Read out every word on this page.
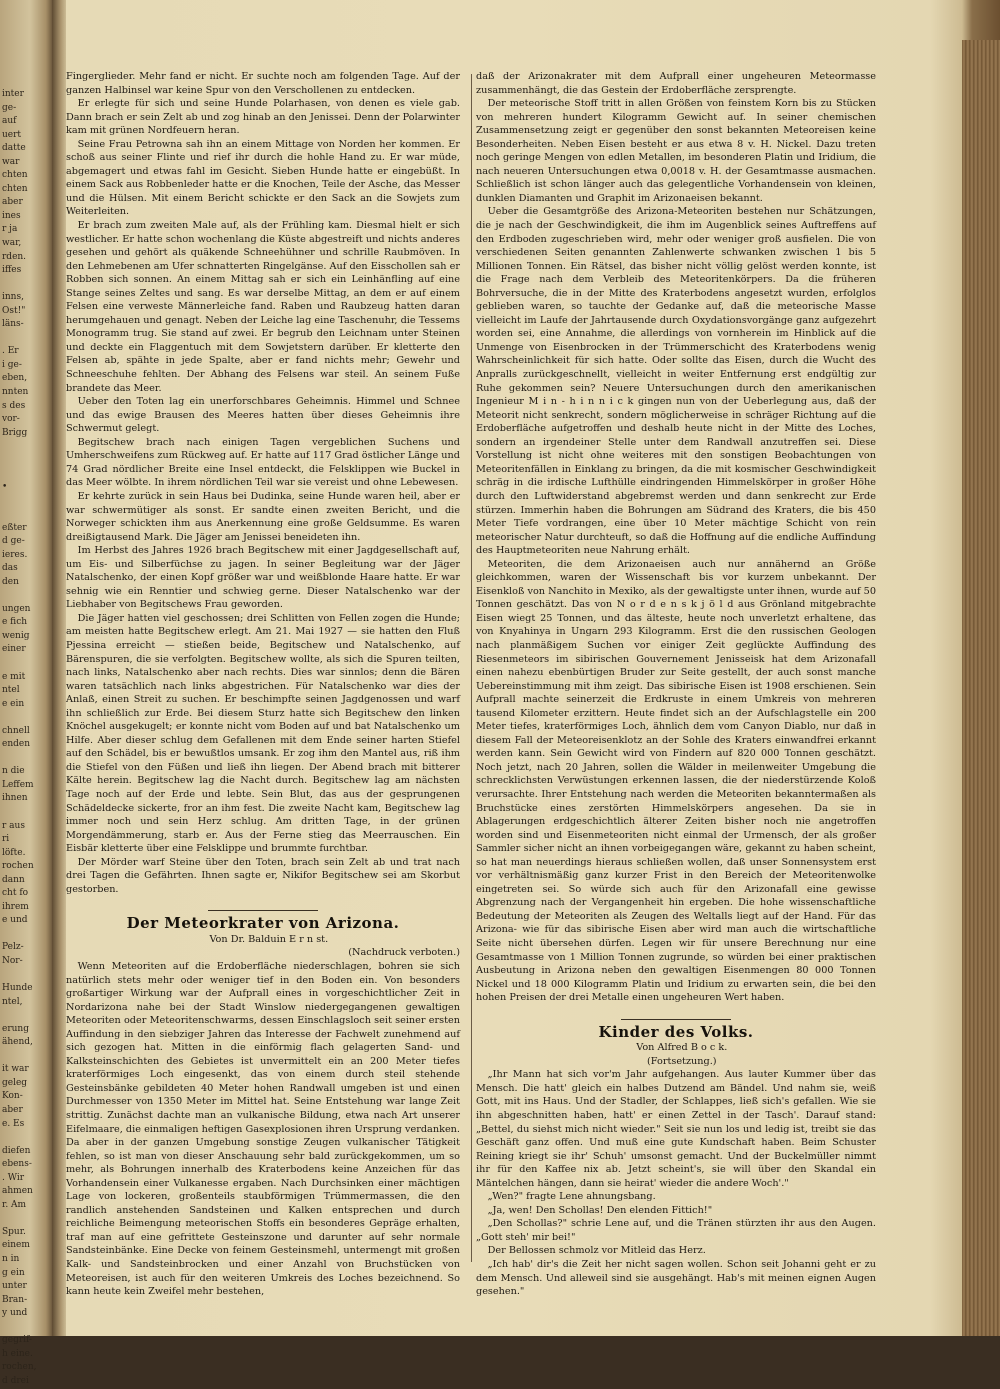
inter
ge-
auf
uert
datte
war
chten
chten
aber
ines
r ja
war,
rden.
iffes

inns,
Ost!"
läns-

. Er
i ge-
eben,
nnten
s des
vor-
Brigg

•

eßter
d ge-
ieres.
das
den

ungen
e fich
wenig
einer

e mit
ntel
e ein

chnell
enden

n die
Leffem
ihnen

r aus
ri
löfte.
rochen
dann
cht fo
ihrem
e und

Pelz-
Nor-

Hunde
ntel,

erung
ähend,

it war
geleg
Kon-
aber
e. Es

diefen
ebens-
. Wir
ahmen
r. Am

Spur.
einem
n in
g ein
unter
Bran-
y und

gegrif-
h eine.
rochen,
d drei

Fingerglieder. Mehr fand er nicht. Er suchte noch am folgenden Tage. Auf der ganzen Halbinsel war keine Spur von den Verschollenen zu entdecken.

Er erlegte für sich und seine Hunde Polarhasen, von denen es viele gab. Dann brach er sein Zelt ab und zog hinab an den Jenissei. Denn der Polarwinter kam mit grünen Nordfeuern heran.

Seine Frau Petrowna sah ihn an einem Mittage von Norden her kommen. Er schoß aus seiner Flinte und rief ihr durch die hohle Hand zu. Er war müde, abgemagert und etwas fahl im Gesicht. Sieben Hunde hatte er eingebüßt. In einem Sack aus Robbenleder hatte er die Knochen, Teile der Asche, das Messer und die Hülsen. Mit einem Bericht schickte er den Sack an die Sowjets zum Weiterleiten.

Er brach zum zweiten Male auf, als der Frühling kam. Diesmal hielt er sich westlicher. Er hatte schon wochenlang die Küste abgestreift und nichts anderes gesehen und gehört als quäkende Schneehühner und schrille Raubmöven. In den Lehmebenen am Ufer schnatterten Ringelgänse. Auf den Eisschollen sah er Robben sich sonnen. An einem Mittag sah er sich ein Leinhänfling auf eine Stange seines Zeltes und sang. Es war derselbe Mittag, an dem er auf einem Felsen eine verweste Männerleiche fand. Raben und Raubzeug hatten daran herumgehauen und genagt. Neben der Leiche lag eine Taschenuhr, die Tessems Monogramm trug. Sie stand auf zwei. Er begrub den Leichnam unter Steinen und deckte ein Flaggentuch mit dem Sowjetstern darüber. Er kletterte den Felsen ab, spähte in jede Spalte, aber er fand nichts mehr; Gewehr und Schneeschuhe fehlten. Der Abhang des Felsens war steil. An seinem Fuße brandete das Meer.

Ueber den Toten lag ein unerforschbares Geheimnis. Himmel und Schnee und das ewige Brausen des Meeres hatten über dieses Geheimnis ihre Schwermut gelegt.

Begitschew brach nach einigen Tagen vergeblichen Suchens und Umherschweifens zum Rückweg auf. Er hatte auf 117 Grad östlicher Länge und 74 Grad nördlicher Breite eine Insel entdeckt, die Felsklippen wie Buckel in das Meer wölbte. In ihrem nördlichen Teil war sie vereist und ohne Lebewesen.

Er kehrte zurück in sein Haus bei Dudinka, seine Hunde waren heil, aber er war schwermütiger als sonst. Er sandte einen zweiten Bericht, und die Norweger schickten ihm aus Anerkennung eine große Geldsumme. Es waren dreißigtausend Mark. Die Jäger am Jenissei beneideten ihn.

Im Herbst des Jahres 1926 brach Begitschew mit einer Jagdgesellschaft auf, um Eis- und Silberfüchse zu jagen. In seiner Begleitung war der Jäger Natalschenko, der einen Kopf größer war und weißblonde Haare hatte. Er war sehnig wie ein Renntier und schwieg gerne. Dieser Natalschenko war der Liebhaber von Begitschews Frau geworden.

Die Jäger hatten viel geschossen; drei Schlitten von Fellen zogen die Hunde; am meisten hatte Begitschew erlegt. Am 21. Mai 1927 — sie hatten den Fluß Pjessina erreicht — stießen beide, Begitschew und Natalschenko, auf Bärenspuren, die sie verfolgten. Begitschew wollte, als sich die Spuren teilten, nach links, Natalschenko aber nach rechts. Dies war sinnlos; denn die Bären waren tatsächlich nach links abgestrichen. Für Natalschenko war dies der Anlaß, einen Streit zu suchen. Er beschimpfte seinen Jagdgenossen und warf ihn schließlich zur Erde. Bei diesem Sturz hatte sich Begitschew den linken Knöchel ausgekugelt; er konnte nicht vom Boden auf und bat Natalschenko um Hilfe. Aber dieser schlug dem Gefallenen mit dem Ende seiner harten Stiefel auf den Schädel, bis er bewußtlos umsank. Er zog ihm den Mantel aus, riß ihm die Stiefel von den Füßen und ließ ihn liegen. Der Abend brach mit bitterer Kälte herein. Begitschew lag die Nacht durch. Begitschew lag am nächsten Tage noch auf der Erde und lebte. Sein Blut, das aus der gesprungenen Schädeldecke sickerte, fror an ihm fest. Die zweite Nacht kam, Begitschew lag immer noch und sein Herz schlug. Am dritten Tage, in der grünen Morgendämmerung, starb er. Aus der Ferne stieg das Meerrauschen. Ein Eisbär kletterte über eine Felsklippe und brummte furchtbar.

Der Mörder warf Steine über den Toten, brach sein Zelt ab und trat nach drei Tagen die Gefährten. Ihnen sagte er, Nikifor Begitschew sei am Skorbut gestorben.

Der Meteorkrater von Arizona.

Von Dr. Balduin E r n st.

(Nachdruck verboten.)

Wenn Meteoriten auf die Erdoberfläche niederschlagen, bohren sie sich natürlich stets mehr oder weniger tief in den Boden ein. Von besonders großartiger Wirkung war der Aufprall eines in vorgeschichtlicher Zeit in Nordarizona nahe bei der Stadt Winslow niedergegangenen gewaltigen Meteoriten oder Meteoritenschwarms, dessen Einschlagsloch seit seiner ersten Auffindung in den siebziger Jahren das Interesse der Fachwelt zunehmend auf sich gezogen hat. Mitten in die einförmig flach gelagerten Sand- und Kalksteinschichten des Gebietes ist unvermittelt ein an 200 Meter tiefes kraterförmiges Loch eingesenkt, das von einem durch steil stehende Gesteinsbänke gebildeten 40 Meter hohen Randwall umgeben ist und einen Durchmesser von 1350 Meter im Mittel hat. Seine Entstehung war lange Zeit strittig. Zunächst dachte man an vulkanische Bildung, etwa nach Art unserer Eifelmaare, die einmaligen heftigen Gasexplosionen ihren Ursprung verdanken. Da aber in der ganzen Umgebung sonstige Zeugen vulkanischer Tätigkeit fehlen, so ist man von dieser Anschauung sehr bald zurückgekommen, um so mehr, als Bohrungen innerhalb des Kraterbodens keine Anzeichen für das Vorhandensein einer Vulkanesse ergaben. Nach Durchsinken einer mächtigen Lage von lockeren, großenteils staubförmigen Trümmermassen, die den randlich anstehenden Sandsteinen und Kalken entsprechen und durch reichliche Beimengung meteorischen Stoffs ein besonderes Gepräge erhalten, traf man auf eine gefrittete Gesteinszone und darunter auf sehr normale Sandsteinbänke. Eine Decke von feinem Gesteinsmehl, untermengt mit großen Kalk- und Sandsteinbrocken und einer Anzahl von Bruchstücken von Meteoreisen, ist auch für den weiteren Umkreis des Loches bezeichnend. So kann heute kein Zweifel mehr bestehen,

daß der Arizonakrater mit dem Aufprall einer ungeheuren Meteormasse zusammenhängt, die das Gestein der Erdoberfläche zersprengte.

Der meteorische Stoff tritt in allen Größen von feinstem Korn bis zu Stücken von mehreren hundert Kilogramm Gewicht auf. In seiner chemischen Zusammensetzung zeigt er gegenüber den sonst bekannten Meteoreisen keine Besonderheiten. Neben Eisen besteht er aus etwa 8 v. H. Nickel. Dazu treten noch geringe Mengen von edlen Metallen, im besonderen Platin und Iridium, die nach neueren Untersuchungen etwa 0,0018 v. H. der Gesamtmasse ausmachen. Schließlich ist schon länger auch das gelegentliche Vorhandensein von kleinen, dunklen Diamanten und Graphit im Arizonaeisen bekannt.

Ueber die Gesamtgröße des Arizona-Meteoriten bestehen nur Schätzungen, die je nach der Geschwindigkeit, die ihm im Augenblick seines Auftreffens auf den Erdboden zugeschrieben wird, mehr oder weniger groß ausfielen. Die von verschiedenen Seiten genannten Zahlenwerte schwanken zwischen 1 bis 5 Millionen Tonnen. Ein Rätsel, das bisher nicht völlig gelöst werden konnte, ist die Frage nach dem Verbleib des Meteoritenkörpers. Da die früheren Bohrversuche, die in der Mitte des Kraterbodens angesetzt wurden, erfolglos geblieben waren, so tauchte der Gedanke auf, daß die meteorische Masse vielleicht im Laufe der Jahrtausende durch Oxydationsvorgänge ganz aufgezehrt worden sei, eine Annahme, die allerdings von vornherein im Hinblick auf die Unmenge von Eisenbrocken in der Trümmerschicht des Kraterbodens wenig Wahrscheinlichkeit für sich hatte. Oder sollte das Eisen, durch die Wucht des Anpralls zurückgeschnellt, vielleicht in weiter Entfernung erst endgültig zur Ruhe gekommen sein? Neuere Untersuchungen durch den amerikanischen Ingenieur M i n - h i n n i c k gingen nun von der Ueberlegung aus, daß der Meteorit nicht senkrecht, sondern möglicherweise in schräger Richtung auf die Erdoberfläche aufgetroffen und deshalb heute nicht in der Mitte des Loches, sondern an irgendeiner Stelle unter dem Randwall anzutreffen sei. Diese Vorstellung ist nicht ohne weiteres mit den sonstigen Beobachtungen von Meteoritenfällen in Einklang zu bringen, da die mit kosmischer Geschwindigkeit schräg in die irdische Lufthülle eindringenden Himmelskörper in großer Höhe durch den Luftwiderstand abgebremst werden und dann senkrecht zur Erde stürzen. Immerhin haben die Bohrungen am Südrand des Kraters, die bis 450 Meter Tiefe vordrangen, eine über 10 Meter mächtige Schicht von rein meteorischer Natur durchteuft, so daß die Hoffnung auf die endliche Auffindung des Hauptmeteoriten neue Nahrung erhält.

Meteoriten, die dem Arizonaeisen auch nur annähernd an Größe gleichkommen, waren der Wissenschaft bis vor kurzem unbekannt. Der Eisenkloß von Nanchito in Mexiko, als der gewaltigste unter ihnen, wurde auf 50 Tonnen geschätzt. Das von N o r d e n s k j ö l d aus Grönland mitgebrachte Eisen wiegt 25 Tonnen, und das älteste, heute noch unverletzt erhaltene, das von Knyahinya in Ungarn 293 Kilogramm. Erst die den russischen Geologen nach planmäßigem Suchen vor einiger Zeit geglückte Auffindung des Riesenmeteors im sibirischen Gouvernement Jenisseisk hat dem Arizonafall einen nahezu ebenbürtigen Bruder zur Seite gestellt, der auch sonst manche Uebereinstimmung mit ihm zeigt. Das sibirische Eisen ist 1908 erschienen. Sein Aufprall machte seinerzeit die Erdkruste in einem Umkreis von mehreren tausend Kilometer erzittern. Heute findet sich an der Aufschlagstelle ein 200 Meter tiefes, kraterförmiges Loch, ähnlich dem vom Canyon Diablo, nur daß in diesem Fall der Meteoreisenklotz an der Sohle des Kraters einwandfrei erkannt werden kann. Sein Gewicht wird von Findern auf 820 000 Tonnen geschätzt. Noch jetzt, nach 20 Jahren, sollen die Wälder in meilenweiter Umgebung die schrecklichsten Verwüstungen erkennen lassen, die der niederstürzende Koloß verursachte. Ihrer Entstehung nach werden die Meteoriten bekanntermaßen als Bruchstücke eines zerstörten Himmelskörpers angesehen. Da sie in Ablagerungen erdgeschichtlich älterer Zeiten bisher noch nie angetroffen worden sind und Eisenmeteoriten nicht einmal der Urmensch, der als großer Sammler sicher nicht an ihnen vorbeigegangen wäre, gekannt zu haben scheint, so hat man neuerdings hieraus schließen wollen, daß unser Sonnensystem erst vor verhältnismäßig ganz kurzer Frist in den Bereich der Meteoritenwolke eingetreten sei. So würde sich auch für den Arizonafall eine gewisse Abgrenzung nach der Vergangenheit hin ergeben. Die hohe wissenschaftliche Bedeutung der Meteoriten als Zeugen des Weltalls liegt auf der Hand. Für das Arizona- wie für das sibirische Eisen aber wird man auch die wirtschaftliche Seite nicht übersehen dürfen. Legen wir für unsere Berechnung nur eine Gesamtmasse von 1 Million Tonnen zugrunde, so würden bei einer praktischen Ausbeutung in Arizona neben den gewaltigen Eisenmengen 80 000 Tonnen Nickel und 18 000 Kilogramm Platin und Iridium zu erwarten sein, die bei den hohen Preisen der drei Metalle einen ungeheuren Wert haben.

Kinder des Volks.

Von Alfred B o c k.

(Fortsetzung.)

„Ihr Mann hat sich vor'm Jahr aufgehangen. Aus lauter Kummer über das Mensch. Die hatt' gleich ein halbes Dutzend am Bändel. Und nahm sie, weiß Gott, mit ins Haus. Und der Stadler, der Schlappes, ließ sich's gefallen. Wie sie ihn abgeschnitten haben, hatt' er einen Zettel in der Tasch'. Darauf stand: „Bettel, du siehst mich nicht wieder." Seit sie nun los und ledig ist, treibt sie das Geschäft ganz offen. Und muß eine gute Kundschaft haben. Beim Schuster Reining kriegt sie ihr' Schuh' umsonst gemacht. Und der Buckelmüller nimmt ihr für den Kaffee nix ab. Jetzt scheint's, sie will über den Skandal ein Mäntelchen hängen, dann sie heirat' wieder die andere Woch'."

„Wen?" fragte Lene ahnungsbang.

„Ja, wen! Den Schollas! Den elenden Fittich!"

„Den Schollas?" schrie Lene auf, und die Tränen stürzten ihr aus den Augen. „Gott steh' mir bei!"

Der Bellossen schmolz vor Mitleid das Herz.

„Ich hab' dir's die Zeit her nicht sagen wollen. Schon seit Johanni geht er zu dem Mensch. Und alleweil sind sie ausgehängt. Hab's mit meinen eignen Augen gesehen."
